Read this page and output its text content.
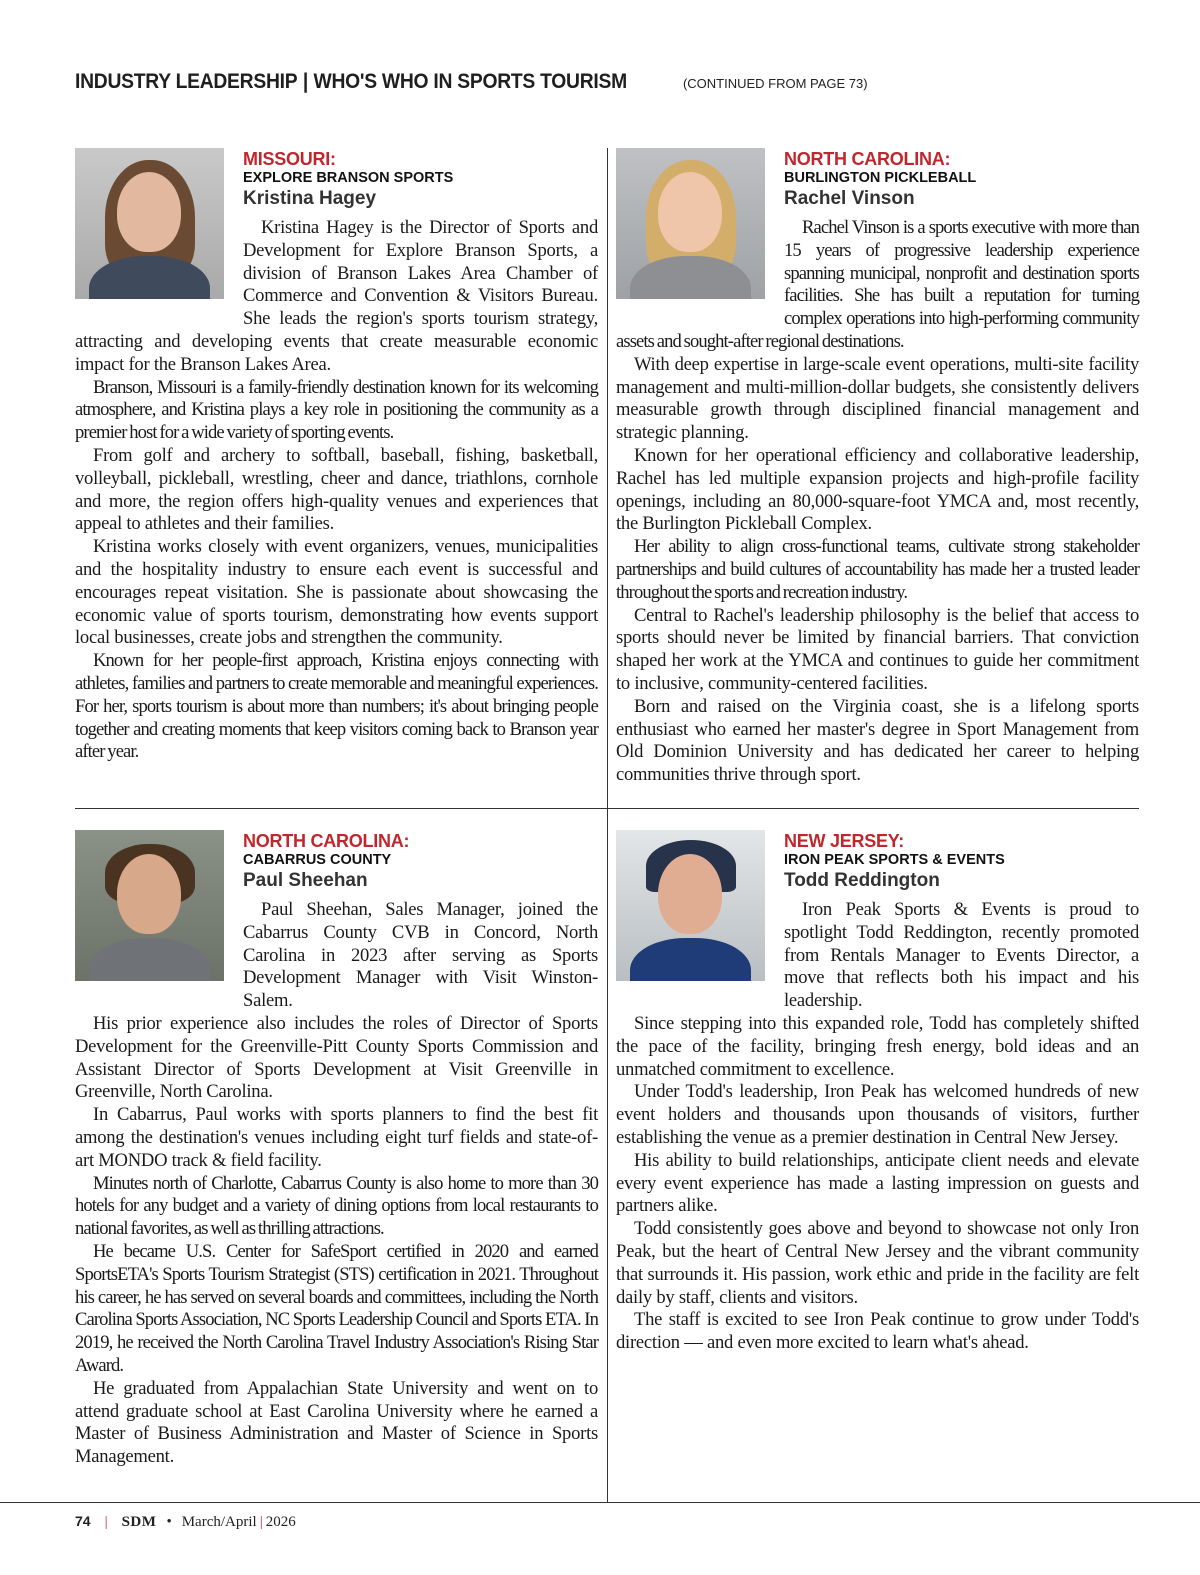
INDUSTRY LEADERSHIP | WHO'S WHO IN SPORTS TOURISM	(CONTINUED FROM PAGE 73)
MISSOURI:
EXPLORE BRANSON SPORTS
Kristina Hagey

Kristina Hagey is the Director of Sports and Development for Explore Branson Sports, a division of Branson Lakes Area Chamber of Commerce and Convention & Visitors Bureau. She leads the region's sports tourism strategy, attracting and developing events that create measurable economic impact for the Branson Lakes Area.

Branson, Missouri is a family-friendly destination known for its welcoming atmosphere, and Kristina plays a key role in positioning the community as a premier host for a wide variety of sporting events.

From golf and archery to softball, baseball, fishing, basketball, volleyball, pickleball, wrestling, cheer and dance, triathlons, cornhole and more, the region offers high-quality venues and experiences that appeal to athletes and their families.

Kristina works closely with event organizers, venues, municipalities and the hospitality industry to ensure each event is successful and encourages repeat visitation. She is passionate about showcasing the economic value of sports tourism, demonstrating how events support local businesses, create jobs and strengthen the community.

Known for her people-first approach, Kristina enjoys connecting with athletes, families and partners to create memorable and meaningful experiences. For her, sports tourism is about more than numbers; it's about bringing people together and creating moments that keep visitors coming back to Branson year after year.

NORTH CAROLINA:
BURLINGTON PICKLEBALL
Rachel Vinson

Rachel Vinson is a sports executive with more than 15 years of progressive leadership experience spanning municipal, nonprofit and destination sports facilities. She has built a reputation for turning complex operations into high-performing community assets and sought-after regional destinations.

With deep expertise in large-scale event operations, multi-site facility management and multi-million-dollar budgets, she consistently delivers measurable growth through disciplined financial management and strategic planning.

Known for her operational efficiency and collaborative leadership, Rachel has led multiple expansion projects and high-profile facility openings, including an 80,000-square-foot YMCA and, most recently, the Burlington Pickleball Complex.

Her ability to align cross-functional teams, cultivate strong stakeholder partnerships and build cultures of accountability has made her a trusted leader throughout the sports and recreation industry.

Central to Rachel's leadership philosophy is the belief that access to sports should never be limited by financial barriers. That conviction shaped her work at the YMCA and continues to guide her commitment to inclusive, community-centered facilities.

Born and raised on the Virginia coast, she is a lifelong sports enthusiast who earned her master's degree in Sport Management from Old Dominion University and has dedicated her career to helping communities thrive through sport.

NORTH CAROLINA:
CABARRUS COUNTY
Paul Sheehan

Paul Sheehan, Sales Manager, joined the Cabarrus County CVB in Concord, North Carolina in 2023 after serving as Sports Development Manager with Visit Winston-Salem.

His prior experience also includes the roles of Director of Sports Development for the Greenville-Pitt County Sports Commission and Assistant Director of Sports Development at Visit Greenville in Greenville, North Carolina.

In Cabarrus, Paul works with sports planners to find the best fit among the destination's venues including eight turf fields and state-of-art MONDO track & field facility.

Minutes north of Charlotte, Cabarrus County is also home to more than 30 hotels for any budget and a variety of dining options from local restaurants to national favorites, as well as thrilling attractions.

He became U.S. Center for SafeSport certified in 2020 and earned SportsETA's Sports Tourism Strategist (STS) certification in 2021. Throughout his career, he has served on several boards and committees, including the North Carolina Sports Association, NC Sports Leadership Council and Sports ETA. In 2019, he received the North Carolina Travel Industry Association's Rising Star Award.

He graduated from Appalachian State University and went on to attend graduate school at East Carolina University where he earned a Master of Business Administration and Master of Science in Sports Management.

NEW JERSEY:
IRON PEAK SPORTS & EVENTS
Todd Reddington

Iron Peak Sports & Events is proud to spotlight Todd Reddington, recently promoted from Rentals Manager to Events Director, a move that reflects both his impact and his leadership.

Since stepping into this expanded role, Todd has completely shifted the pace of the facility, bringing fresh energy, bold ideas and an unmatched commitment to excellence.

Under Todd's leadership, Iron Peak has welcomed hundreds of new event holders and thousands upon thousands of visitors, further establishing the venue as a premier destination in Central New Jersey.

His ability to build relationships, anticipate client needs and elevate every event experience has made a lasting impression on guests and partners alike.

Todd consistently goes above and beyond to showcase not only Iron Peak, but the heart of Central New Jersey and the vibrant community that surrounds it. His passion, work ethic and pride in the facility are felt daily by staff, clients and visitors.

The staff is excited to see Iron Peak continue to grow under Todd's direction — and even more excited to learn what's ahead.

74 | SDM • March/April | 2026
